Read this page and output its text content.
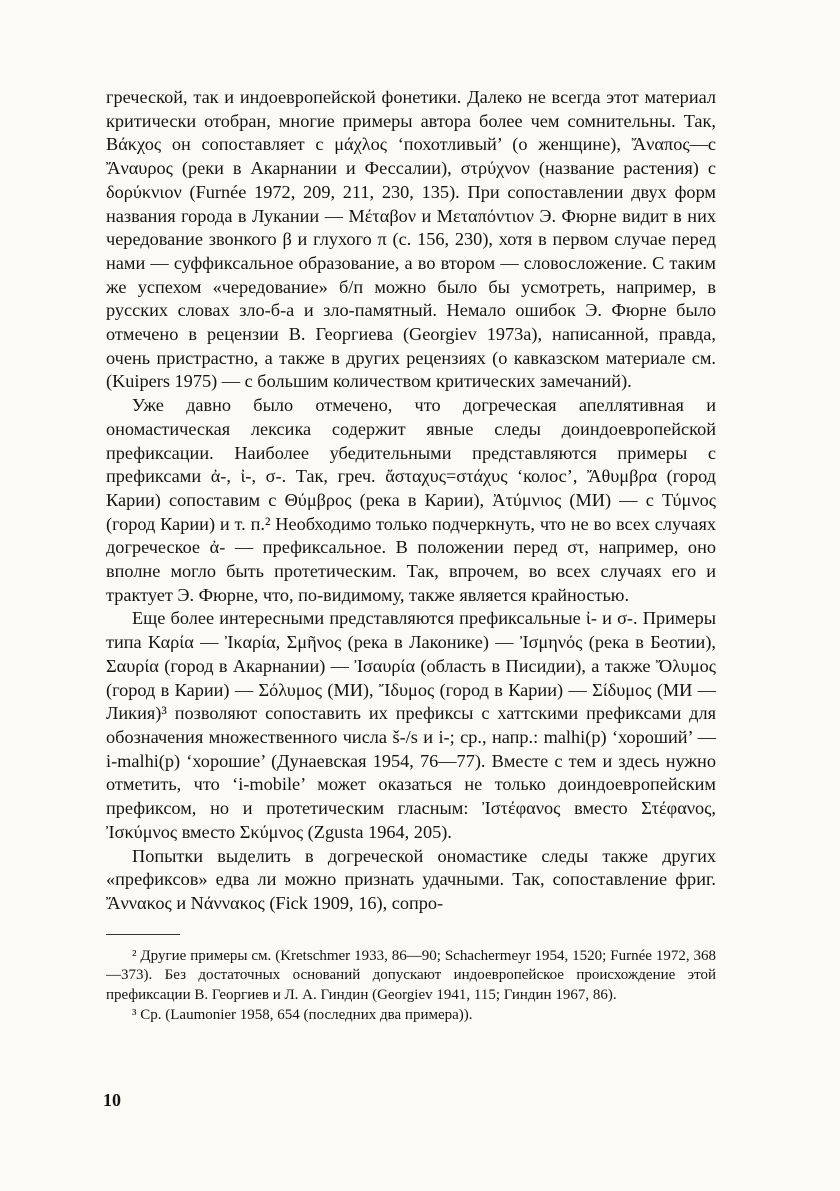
греческой, так и индоевропейской фонетики. Далеко не всегда этот материал критически отобран, многие примеры автора более чем сомнительны. Так, Βάκχος он сопоставляет с μάχλος ‘похотливый’ (о женщине), Ἄναπος—с Ἄναυρος (реки в Акарнании и Фессалии), στρύχνον (название растения) с δορύκνιον (Furnée 1972, 209, 211, 230, 135). При сопоставлении двух форм названия города в Лукании — Μέταβον и Μεταπόντιον Э. Фюрне видит в них чередование звонкого β и глухого π (с. 156, 230), хотя в первом случае перед нами — суффиксальное образование, а во втором — словосложение. С таким же успехом «чередование» б/п можно было бы усмотреть, например, в русских словах зло-б-а и зло-памятный. Немало ошибок Э. Фюрне было отмечено в рецензии В. Георгиева (Georgiev 1973a), написанной, правда, очень пристрастно, а также в других рецензиях (о кавказском материале см. (Kuipers 1975) — с большим количеством критических замечаний).

Уже давно было отмечено, что догреческая апеллятивная и ономастическая лексика содержит явные следы доиндоевропейской префиксации. Наиболее убедительными представляются примеры с префиксами ἀ-, ἰ-, σ-. Так, греч. ἄσταχυς=στάχυς ‘колос’, Ἄθυμβρα (город Карии) сопоставим с Θύμβρος (река в Карии), Ἀτύμνιος (МИ) — с Τύμνος (город Карии) и т. п.² Необходимо только подчеркнуть, что не во всех случаях догреческое ἀ- — префиксальное. В положении перед στ, например, оно вполне могло быть протетическим. Так, впрочем, во всех случаях его и трактует Э. Фюрне, что, по-видимому, также является крайностью.

Еще более интересными представляются префиксальные ἰ- и σ-. Примеры типа Καρία — Ἰκαρία, Σμῆνος (река в Лаконике) — Ἰσμηνός (река в Беотии), Σαυρία (город в Акарнании) — Ἰσαυρία (область в Писидии), а также Ὄλυμος (город в Карии) — Σόλυμος (МИ), Ἴδυμος (город в Карии) — Σίδυμος (МИ — Ликия)³ позволяют сопоставить их префиксы с хаттскими префиксами для обозначения множественного числа š-/s и i-; ср., напр.: malhi(p) ‘хороший’ — i-malhi(p) ‘хорошие’ (Дунаевская 1954, 76—77). Вместе с тем и здесь нужно отметить, что ‘i-mobile’ может оказаться не только доиндоевропейским префиксом, но и протетическим гласным: Ἰστέφανος вместо Στέφανος, Ἰσκύμνος вместо Σκύμνος (Zgusta 1964, 205).

Попытки выделить в догреческой ономастике следы также других «префиксов» едва ли можно признать удачными. Так, сопоставление фриг. Ἄννακος и Νάννακος (Fick 1909, 16), сопро-

² Другие примеры см. (Kretschmer 1933, 86—90; Schachermeyr 1954, 1520; Furnée 1972, 368—373). Без достаточных оснований допускают индоевропейское происхождение этой префиксации В. Георгиев и Л. А. Гиндин (Georgiev 1941, 115; Гиндин 1967, 86).

³ Ср. (Laumonier 1958, 654 (последних два примера)).

10
